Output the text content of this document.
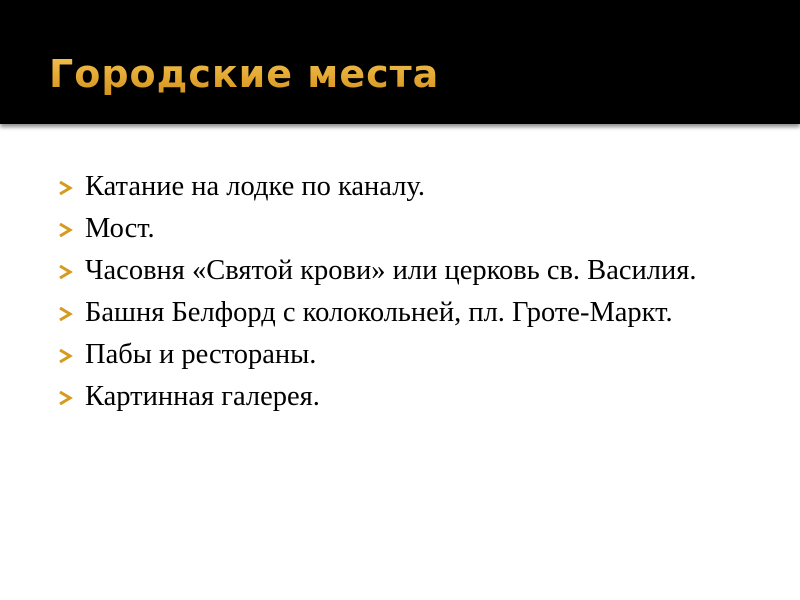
Городские места
Катание на лодке по каналу.
Мост.
Часовня «Святой крови» или церковь св. Василия.
Башня Белфорд с колокольней, пл. Гроте-Маркт.
Пабы и рестораны.
Картинная галерея.
